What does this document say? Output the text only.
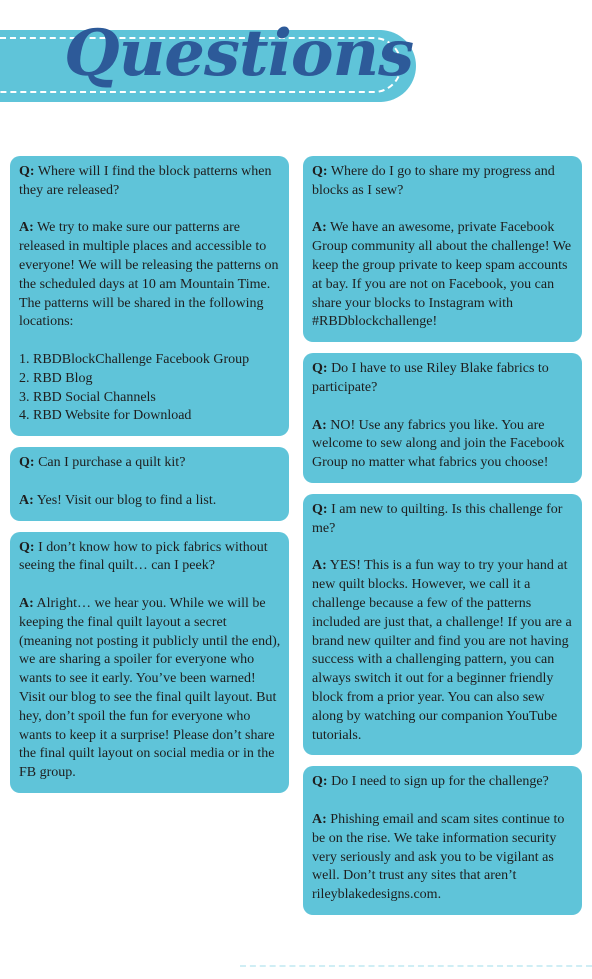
Questions

Q: Where will I find the block patterns when they are released?

A: We try to make sure our patterns are released in multiple places and accessible to everyone! We will be releasing the patterns on the scheduled days at 10 am Mountain Time. The patterns will be shared in the following locations:

1. RBDBlockChallenge Facebook Group
2. RBD Blog
3. RBD Social Channels
4. RBD Website for Download

Q: Can I purchase a quilt kit?

A: Yes! Visit our blog to find a list.

Q: I don’t know how to pick fabrics without seeing the final quilt… can I peek?

A: Alright… we hear you. While we will be keeping the final quilt layout a secret (meaning not posting it publicly until the end), we are sharing a spoiler for everyone who wants to see it early. You’ve been warned! Visit our blog to see the final quilt layout. But hey, don’t spoil the fun for everyone who wants to keep it a surprise! Please don’t share the final quilt layout on social media or in the FB group.

Q: Where do I go to share my progress and blocks as I sew?

A: We have an awesome, private Facebook Group community all about the challenge! We keep the group private to keep spam accounts at bay. If you are not on Facebook, you can share your blocks to Instagram with #RBDblockchallenge!

Q: Do I have to use Riley Blake fabrics to participate?

A: NO! Use any fabrics you like. You are welcome to sew along and join the Facebook Group no matter what fabrics you choose!

Q: I am new to quilting. Is this challenge for me?

A: YES! This is a fun way to try your hand at new quilt blocks. However, we call it a challenge because a few of the patterns included are just that, a challenge! If you are a brand new quilter and find you are not having success with a challenging pattern, you can always switch it out for a beginner friendly block from a prior year. You can also sew along by watching our companion YouTube tutorials.

Q: Do I need to sign up for the challenge?

A: Phishing email and scam sites continue to be on the rise. We take information security very seriously and ask you to be vigilant as well. Don’t trust any sites that aren’t rileyblakedesigns.com.
